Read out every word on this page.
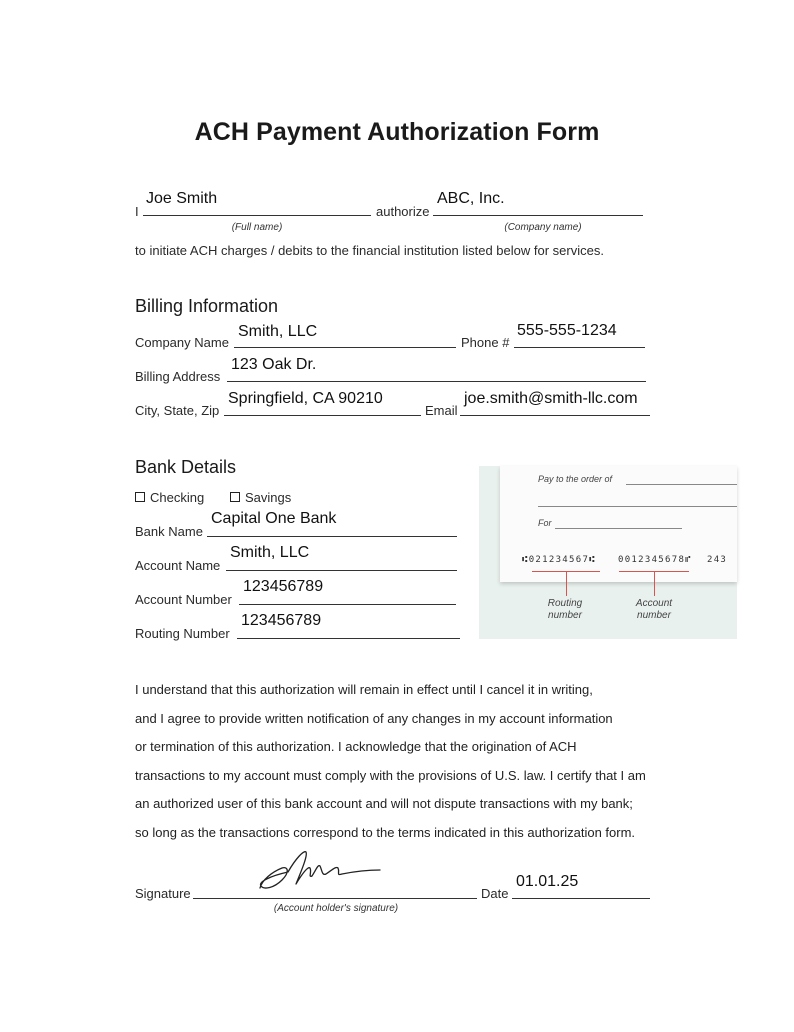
ACH Payment Authorization Form
I
Joe Smith
(Full name)
authorize
ABC, Inc.
(Company name)
to initiate ACH charges / debits to the financial institution listed below for services.
Billing Information
Company Name
Smith, LLC
Phone #
555-555-1234
Billing Address
123 Oak Dr.
City, State, Zip
Springfield, CA 90210
Email
joe.smith@smith-llc.com
Bank Details
Checking	Savings
Bank Name
Capital One Bank
Account Name
Smith, LLC
Account Number
123456789
Routing Number
123456789
Pay to the order of
For
⑆021234567⑆ 0012345678⑈ 243
Routing number
Account number
I understand that this authorization will remain in effect until I cancel it in writing,
and I agree to provide written notification of any changes in my account information
or termination of this authorization. I acknowledge that the origination of ACH
transactions to my account must comply with the provisions of U.S. law. I certify that I am
an authorized user of this bank account and will not dispute transactions with my bank;
so long as the transactions correspond to the terms indicated in this authorization form.
Signature
(Account holder's signature)
Date
01.01.25
